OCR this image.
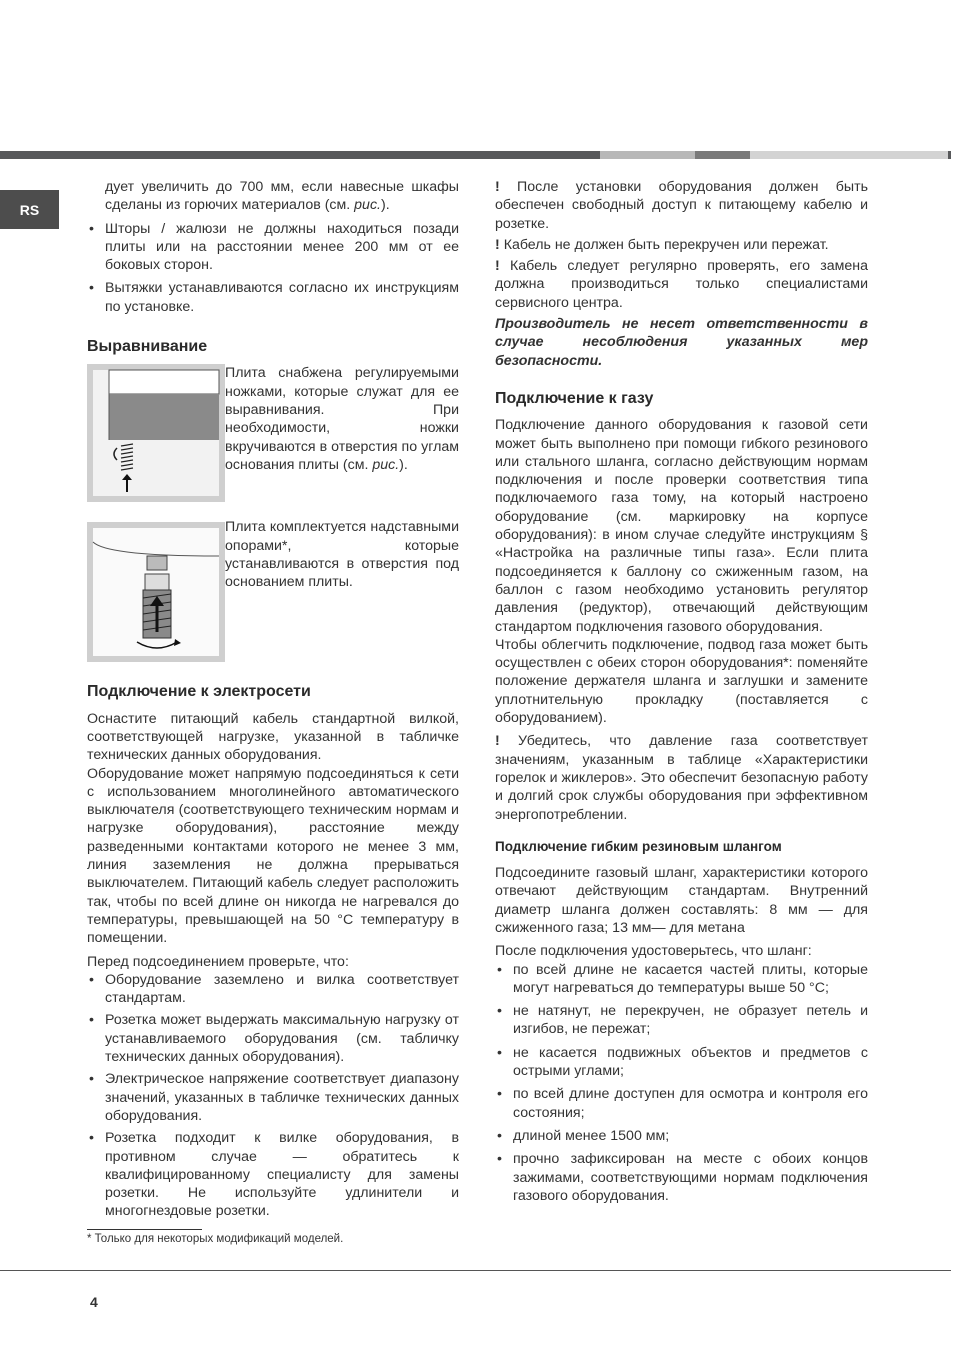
RS

дует увеличить до 700 мм, если навесные шкафы сделаны из горючих материалов (см. рис.).

• Шторы / жалюзи не должны находиться позади плиты или на расстоянии менее 200 мм от ее боковых сторон.
• Вытяжки устанавливаются согласно их инструкциям по установке.
Выравнивание

Плита снабжена регулируемыми ножками, которые служат для ее выравнивания. При необходимости, ножки вкручиваются в отверстия по углам основания плиты (см. рис.).

Плита комплектуется надставными опорами*, которые устанавливаются в отверстия под основанием плиты.

Подключение к электросети

Оснастите питающий кабель стандартной вилкой, соответствующей нагрузке, указанной в табличке технических данных оборудования.

Оборудование может напрямую подсоединяться к сети с использованием многолинейного автоматического выключателя (соответствующего техническим нормам и нагрузке оборудования), расстояние между разведенными контактами которого не менее 3 мм, линия заземления не должна прерываться выключателем. Питающий кабель следует расположить так, чтобы по всей длине он никогда не нагревался до температуры, превышающей на 50 °С температуру в помещении.

Перед подсоединением проверьте, что:

• Оборудование заземлено и вилка соответствует стандартам.
• Розетка может выдержать максимальную нагрузку от устанавливаемого оборудования (см. табличку технических данных оборудования).
• Электрическое напряжение соответствует диапазону значений, указанных в табличке технических данных оборудования.
• Розетка подходит к вилке оборудования, в противном случае — обратитесь к квалифицированному специалисту для замены розетки. Не используйте удлинители и многогнездовые розетки.

! После установки оборудования должен быть обеспечен свободный доступ к питающему кабелю и розетке.

! Кабель не должен быть перекручен или пережат.

! Кабель следует регулярно проверять, его замена должна производиться только специалистами сервисного центра.

Производитель не несет ответственности в случае несоблюдения указанных мер безопасности.

Подключение к газу

Подключение данного оборудования к газовой сети может быть выполнено при помощи гибкого резинового или стального шланга, согласно действующим нормам подключения и после проверки соответствия типа подключаемого газа тому, на который настроено оборудование (см. маркировку на корпусе оборудования): в ином случае следуйте инструкциям § «Настройка на различные типы газа». Если плита подсоединяется к баллону со сжиженным газом, на баллон с газом необходимо установить регулятор давления (редуктор), отвечающий действующим стандартом подключения газового оборудования.

Чтобы облегчить подключение, подвод газа может быть осуществлен с обеих сторон оборудования*: поменяйте положение держателя шланга и заглушки и замените уплотнительную прокладку (поставляется с оборудованием).

! Убедитесь, что давление газа соответствует значениям, указанным в таблице «Характеристики горелок и жиклеров». Это обеспечит безопасную работу и долгий срок службы оборудования при эффективном энергопотреблении.

Подключение гибким резиновым шлангом

Подсоедините газовый шланг, характеристики которого отвечают действующим стандартам. Внутренний диаметр шланга должен составлять: 8 мм — для сжиженного газа; 13 мм— для метана

После подключения удостоверьтесь, что шланг:

• по всей длине не касается частей плиты, которые могут нагреваться до температуры выше 50 °С;
• не натянут, не перекручен, не образует петель и изгибов, не пережат;
• не касается подвижных объектов и предметов с острыми углами;
• по всей длине доступен для осмотра и контроля его состояния;
• длиной менее 1500 мм;
• прочно зафиксирован на месте с обоих концов зажимами, соответствующими нормам подключения газового оборудования.
* Только для некоторых модификаций моделей.
4
